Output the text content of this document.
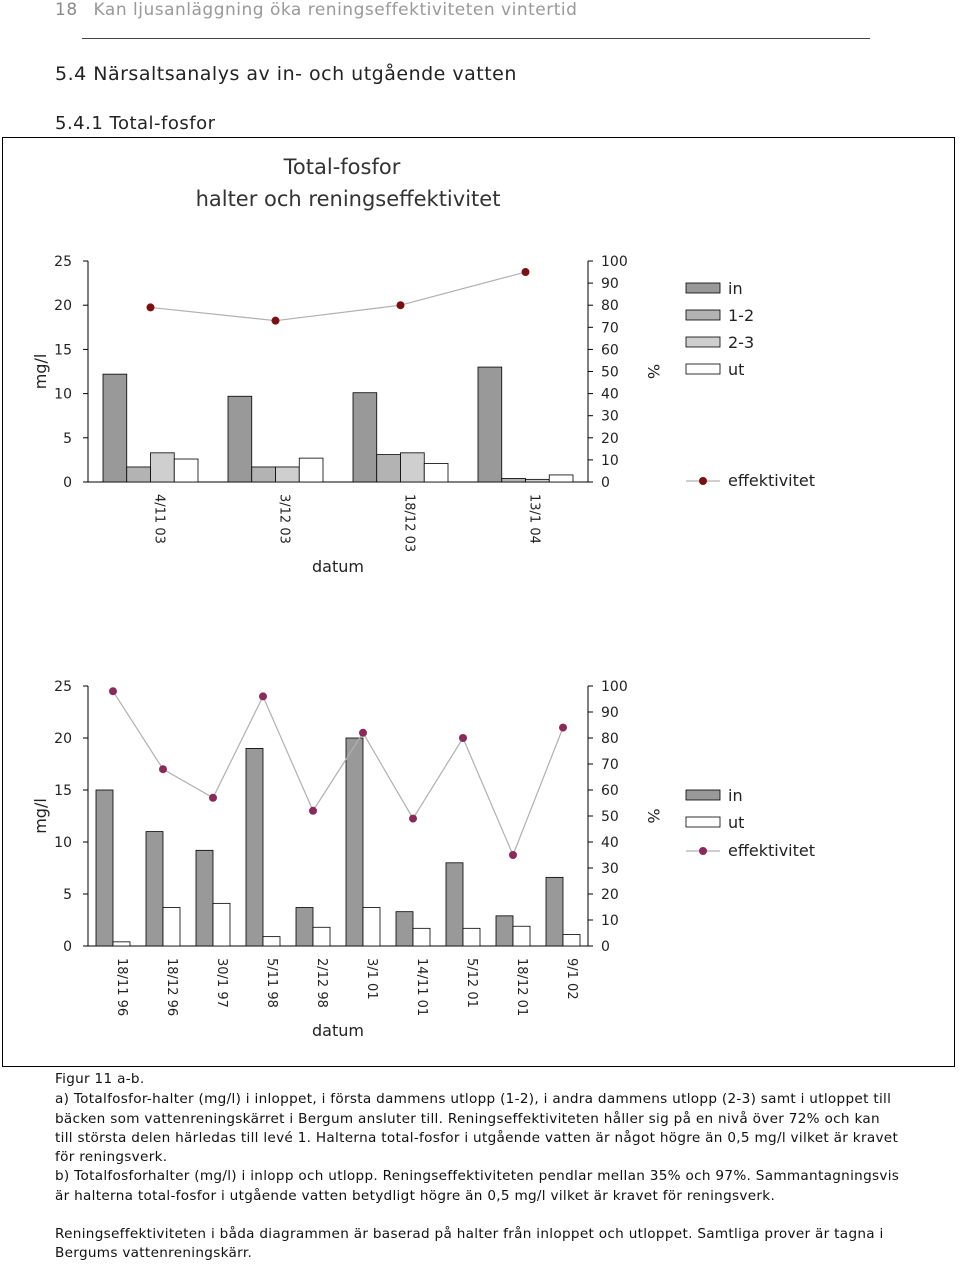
18 Kan ljusanläggning öka reningseffektiviteten vintertid
5.4 Närsaltsanalys av in- och utgående vatten
5.4.1 Total-fosfor
Total-fosfor
halter och reningseffektivitet
0
5
10
15
20
25
0
10
20
30
40
50
60
70
80
90
100
mg/l	%
datum
4/11 03	3/12 03	18/12 03	13/1 04
in
1-2
2-3
ut
effektivitet
0
5
10
15
20
25
0
10
20
30
40
50
60
70
80
90
100
mg/l	%
datum
18/11 96	18/12 96	30/1 97	5/11 98	2/12 98	3/1 01	14/11 01	5/12 01	18/12 01	9/1 02
in
ut
effektivitet

Figur 11 a-b.

a) Totalfosfor-halter (mg/l) i inloppet, i första dammens utlopp (1-2), i andra dammens utlopp (2-3) samt i utloppet till bäcken som vattenreningskärret i Bergum ansluter till. Reningseffektiviteten håller sig på en nivå över 72% och kan till största delen härledas till levé 1. Halterna total-fosfor i utgående vatten är något högre än 0,5 mg/l vilket är kravet för reningsverk.

b) Totalfosforhalter (mg/l) i inlopp och utlopp. Reningseffektiviteten pendlar mellan 35% och 97%. Sammantagningsvis är halterna total-fosfor i utgående vatten betydligt högre än 0,5 mg/l vilket är kravet för reningsverk.

Reningseffektiviteten i båda diagrammen är baserad på halter från inloppet och utloppet. Samtliga prover är tagna i Bergums vattenreningskärr.
